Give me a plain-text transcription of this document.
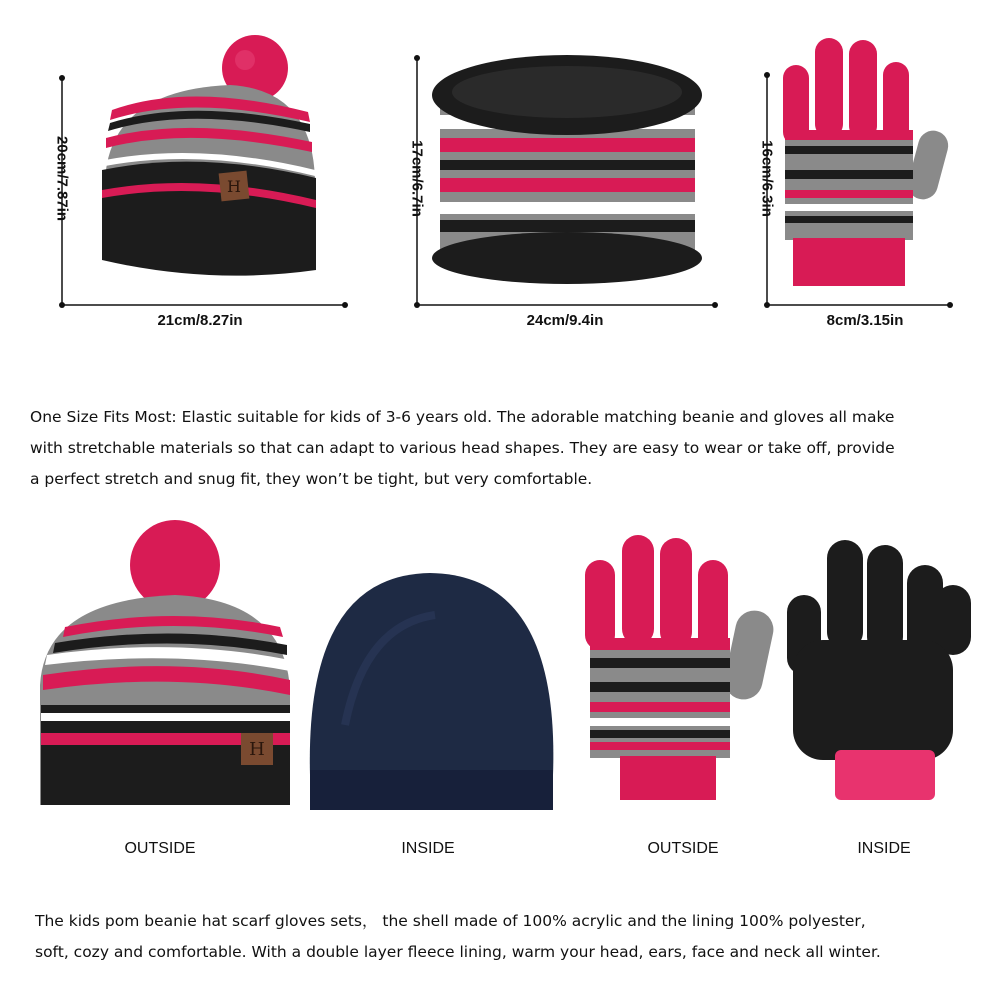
H
20cm/7.87in
21cm/8.27in
17cm/6.7in
24cm/9.4in
16cm/6.3in
8cm/3.15in
One Size Fits Most: Elastic suitable for kids of 3-6 years old. The adorable matching beanie and gloves all make
with stretchable materials so that can adapt to various head shapes. They are easy to wear or take off, provide
a perfect stretch and snug fit, they won’t be tight, but very comfortable.
H
OUTSIDE	INSIDE	OUTSIDE	INSIDE
The kids pom beanie hat scarf gloves sets， the shell made of 100% acrylic and the lining 100% polyester,
soft, cozy and comfortable. With a double layer fleece lining, warm your head, ears, face and neck all winter.
